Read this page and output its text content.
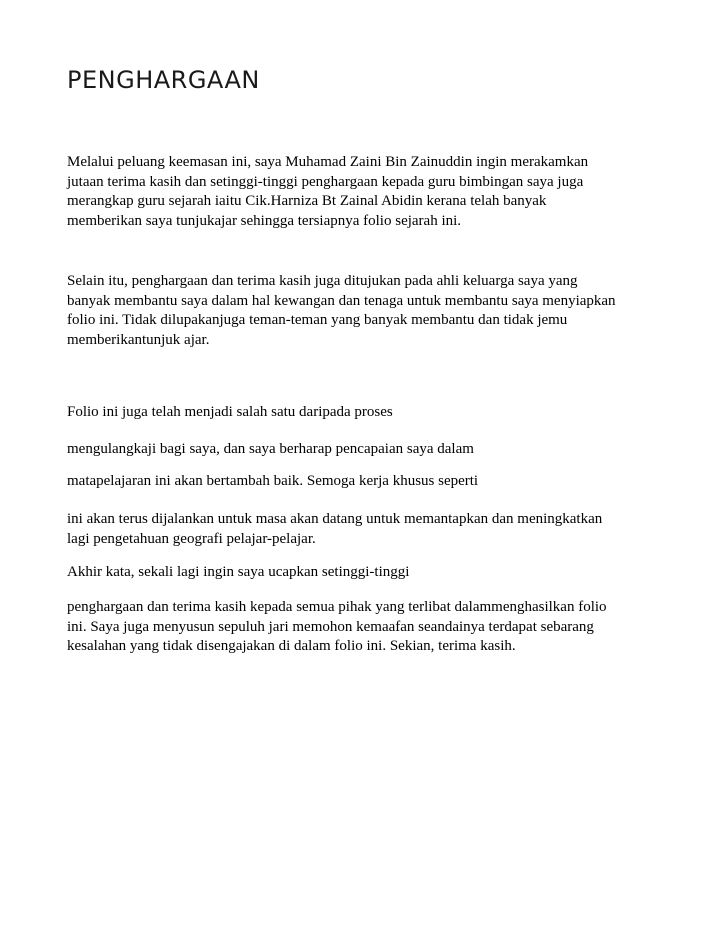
PENGHARGAAN

Melalui peluang keemasan ini, saya Muhamad Zaini Bin Zainuddin ingin merakamkan
jutaan terima kasih dan setinggi-tinggi penghargaan kepada guru bimbingan saya juga
merangkap guru sejarah iaitu Cik.Harniza Bt Zainal Abidin kerana telah banyak
memberikan saya tunjukajar sehingga tersiapnya folio sejarah ini.

Selain itu, penghargaan dan terima kasih juga ditujukan pada ahli keluarga saya yang
banyak membantu saya dalam hal kewangan dan tenaga untuk membantu saya menyiapkan
folio ini. Tidak dilupakanjuga teman-teman yang banyak membantu dan tidak jemu
memberikantunjuk ajar.

Folio ini juga telah menjadi salah satu daripada proses

mengulangkaji bagi saya, dan saya berharap pencapaian saya dalam

matapelajaran ini akan bertambah baik. Semoga kerja khusus seperti

ini akan terus dijalankan untuk masa akan datang untuk memantapkan dan meningkatkan
lagi pengetahuan geografi pelajar-pelajar.

Akhir kata, sekali lagi ingin saya ucapkan setinggi-tinggi

penghargaan dan terima kasih kepada semua pihak yang terlibat dalammenghasilkan folio
ini. Saya juga menyusun sepuluh jari memohon kemaafan seandainya terdapat sebarang
kesalahan yang tidak disengajakan di dalam folio ini. Sekian, terima kasih.
